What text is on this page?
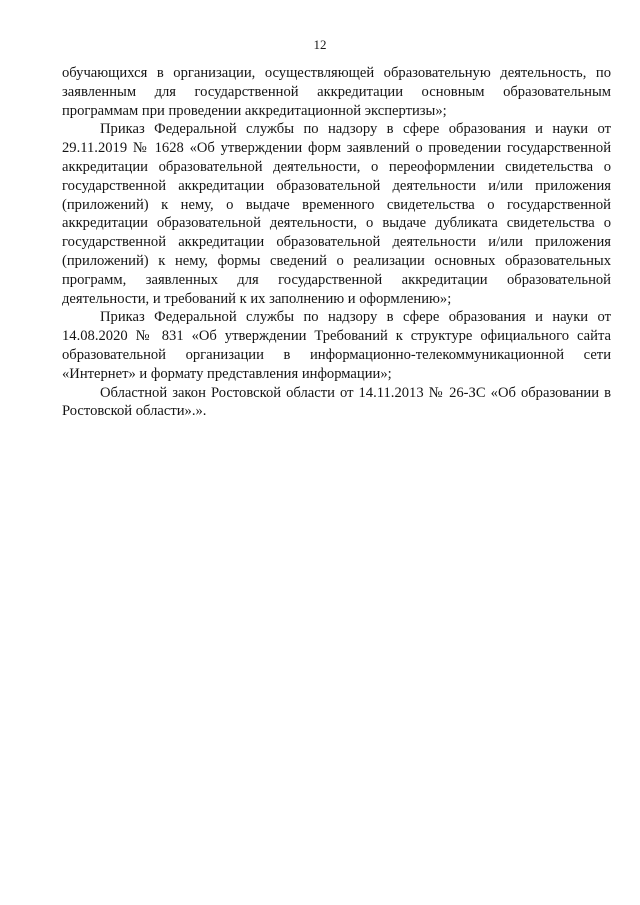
12

обучающихся в организации, осуществляющей образовательную деятельность, по заявленным для государственной аккредитации основным образовательным программам при проведении аккредитационной экспертизы»;

Приказ Федеральной службы по надзору в сфере образования и науки от 29.11.2019 № 1628 «Об утверждении форм заявлений о проведении государственной аккредитации образовательной деятельности, о переоформлении свидетельства о государственной аккредитации образовательной деятельности и/или приложения (приложений) к нему, о выдаче временного свидетельства о государственной аккредитации образовательной деятельности, о выдаче дубликата свидетельства о государственной аккредитации образовательной деятельности и/или приложения (приложений) к нему, формы сведений о реализации основных образовательных программ, заявленных для государственной аккредитации образовательной деятельности, и требований к их заполнению и оформлению»;

Приказ Федеральной службы по надзору в сфере образования и науки от 14.08.2020 № 831 «Об утверждении Требований к структуре официального сайта образовательной организации в информационно-телекоммуникационной сети «Интернет» и формату представления информации»;

Областной закон Ростовской области от 14.11.2013 № 26-ЗС «Об образовании в Ростовской области».».
